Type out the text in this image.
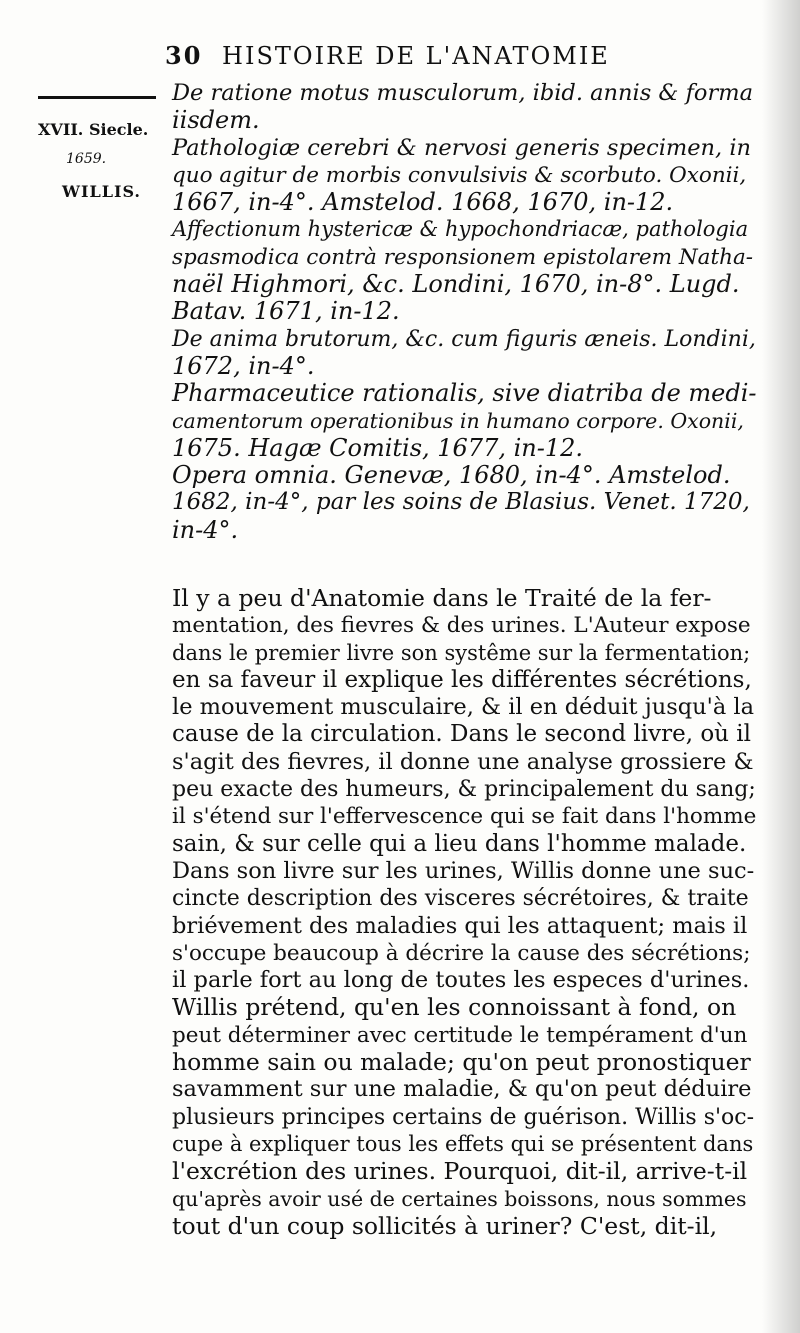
30 HISTOIRE DE L'ANATOMIE
XVII. Siecle.
1659.
WILLIS.
De ratione motus musculorum, ibid. annis & forma
iisdem.
Pathologiæ cerebri & nervosi generis specimen, in
quo agitur de morbis convulsivis & scorbuto. Oxonii,
1667, in-4°. Amstelod. 1668, 1670, in-12.
Affectionum hystericæ & hypochondriacæ, pathologia
spasmodica contrà responsionem epistolarem Natha-
naël Highmori, &c. Londini, 1670, in-8°. Lugd.
Batav. 1671, in-12.
De anima brutorum, &c. cum figuris æneis. Londini,
1672, in-4°.
Pharmaceutice rationalis, sive diatriba de medi-
camentorum operationibus in humano corpore. Oxonii,
1675. Hagæ Comitis, 1677, in-12.
Opera omnia. Genevæ, 1680, in-4°. Amstelod.
1682, in-4°, par les soins de Blasius. Venet. 1720,
in-4°.
Il y a peu d'Anatomie dans le Traité de la fer-
mentation, des fievres & des urines. L'Auteur expose
dans le premier livre son systême sur la fermentation;
en sa faveur il explique les différentes sécrétions,
le mouvement musculaire, & il en déduit jusqu'à la
cause de la circulation. Dans le second livre, où il
s'agit des fievres, il donne une analyse grossiere &
peu exacte des humeurs, & principalement du sang;
il s'étend sur l'effervescence qui se fait dans l'homme
sain, & sur celle qui a lieu dans l'homme malade.
Dans son livre sur les urines, Willis donne une suc-
cincte description des visceres sécrétoires, & traite
briévement des maladies qui les attaquent; mais il
s'occupe beaucoup à décrire la cause des sécrétions;
il parle fort au long de toutes les especes d'urines.
Willis prétend, qu'en les connoissant à fond, on
peut déterminer avec certitude le tempérament d'un
homme sain ou malade; qu'on peut pronostiquer
savamment sur une maladie, & qu'on peut déduire
plusieurs principes certains de guérison. Willis s'oc-
cupe à expliquer tous les effets qui se présentent dans
l'excrétion des urines. Pourquoi, dit-il, arrive-t-il
qu'après avoir usé de certaines boissons, nous sommes
tout d'un coup sollicités à uriner? C'est, dit-il,
